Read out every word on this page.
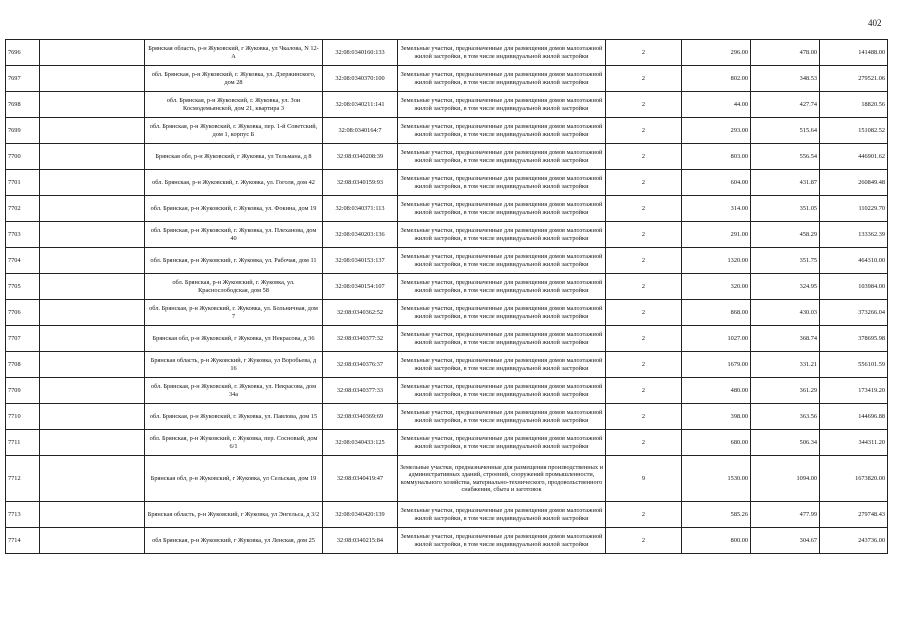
402
7696		Брянская область, р-н Жуковский, г Жуковка, ул Чкалова, N 12-А	32:08:0340160:133	Земельные участки, предназначенные для размещения домов малоэтажной жилой застройки, в том числе индивидуальной жилой застройки	2	296.00	478.00	141488.00
7697		обл. Брянская, р-н Жуковский, г. Жуковка, ул. Дзержинского, дом 28	32:08:0340370:100	Земельные участки, предназначенные для размещения домов малоэтажной жилой застройки, в том числе индивидуальной жилой застройки	2	802.00	348.53	279521.06
7698		обл. Брянская, р-н Жуковский, г. Жуковка, ул. Зои Космодемьянской, дом 21, квартира 3	32:08:0340211:141	Земельные участки, предназначенные для размещения домов малоэтажной жилой застройки, в том числе индивидуальной жилой застройки	2	44.00	427.74	18820.56
7699		обл. Брянская, р-н Жуковский, г. Жуковка, пер. 1-й Советский, дом 1, корпус Б	32:08:0340164:7	Земельные участки, предназначенные для размещения домов малоэтажной жилой застройки, в том числе индивидуальной жилой застройки	2	293.00	515.64	151082.52
7700		Брянская обл, р-н Жуковский, г Жуковка, ул Тельмана, д 8	32:08:0340208:39	Земельные участки, предназначенные для размещения домов малоэтажной жилой застройки, в том числе индивидуальной жилой застройки	2	803.00	556.54	446901.62
7701		обл. Брянская, р-н Жуковский, г. Жуковка, ул. Гоголя, дом 42	32:08:0340159:93	Земельные участки, предназначенные для размещения домов малоэтажной жилой застройки, в том числе индивидуальной жилой застройки	2	604.00	431.87	260849.48
7702		обл. Брянская, р-н Жуковский, г. Жуковка, ул. Фокина, дом 19	32:08:0340371:113	Земельные участки, предназначенные для размещения домов малоэтажной жилой застройки, в том числе индивидуальной жилой застройки	2	314.00	351.05	110229.70
7703		обл. Брянская, р-н Жуковский, г. Жуковка, ул. Плеханова, дом 40	32:08:0340203:136	Земельные участки, предназначенные для размещения домов малоэтажной жилой застройки, в том числе индивидуальной жилой застройки	2	291.00	458.29	133362.39
7704		обл. Брянская, р-н Жуковский, г. Жуковка, ул. Рабочая, дом 11	32:08:0340153:137	Земельные участки, предназначенные для размещения домов малоэтажной жилой застройки, в том числе индивидуальной жилой застройки	2	1320.00	351.75	464310.00
7705		обл. Брянская, р-н Жуковский, г. Жуковка, ул. Краснослободская, дом 58	32:08:0340154:107	Земельные участки, предназначенные для размещения домов малоэтажной жилой застройки, в том числе индивидуальной жилой застройки	2	320.00	324.95	103984.00
7706		обл. Брянская, р-н Жуковский, г. Жуковка, ул. Больничная, дом 7	32:08:0340362:52	Земельные участки, предназначенные для размещения домов малоэтажной жилой застройки, в том числе индивидуальной жилой застройки	2	868.00	430.03	373266.04
7707		Брянская обл, р-н Жуковский, г Жуковка, ул Некрасова, д 36	32:08:0340377:32	Земельные участки, предназначенные для размещения домов малоэтажной жилой застройки, в том числе индивидуальной жилой застройки	2	1027.00	368.74	378695.98
7708		Брянская область, р-н Жуковский, г Жуковка, ул Воробьева, д 16	32:08:0340376:37	Земельные участки, предназначенные для размещения домов малоэтажной жилой застройки, в том числе индивидуальной жилой застройки	2	1679.00	331.21	556101.59
7709		обл. Брянская, р-н Жуковский, г. Жуковка, ул. Некрасова, дом 34а	32:08:0340377:33	Земельные участки, предназначенные для размещения домов малоэтажной жилой застройки, в том числе индивидуальной жилой застройки	2	480.00	361.29	173419.20
7710		обл. Брянская, р-н Жуковский, г. Жуковка, ул. Павлова, дом 15	32:08:0340369:69	Земельные участки, предназначенные для размещения домов малоэтажной жилой застройки, в том числе индивидуальной жилой застройки	2	398.00	363.56	144696.88
7711		обл. Брянская, р-н Жуковский, г. Жуковка, пер. Сосновый, дом 6/1	32:08:0340433:125	Земельные участки, предназначенные для размещения домов малоэтажной жилой застройки, в том числе индивидуальной жилой застройки	2	680.00	506.34	344311.20
7712		Брянская обл, р-н Жуковский, г Жуковка, ул Сельская, дом 19	32:08:0340419:47	Земельные участки, предназначенные для размещения производственных и административных зданий, строений, сооружений промышленности, коммунального хозяйства, материально-технического, продовольственного снабжения, сбыта и заготовок	9	1530.00	1094.00	1673820.00
7713		Брянская область, р-н Жуковский, г Жуковка, ул Энгельса, д 3/2	32:08:0340420:139	Земельные участки, предназначенные для размещения домов малоэтажной жилой застройки, в том числе индивидуальной жилой застройки	2	585.26	477.99	279748.43
7714		обл Брянская, р-н Жуковский, г Жуковка, ул Ленская, дом 25	32:08:0340215:84	Земельные участки, предназначенные для размещения домов малоэтажной жилой застройки, в том числе индивидуальной жилой застройки	2	800.00	304.67	243736.00
